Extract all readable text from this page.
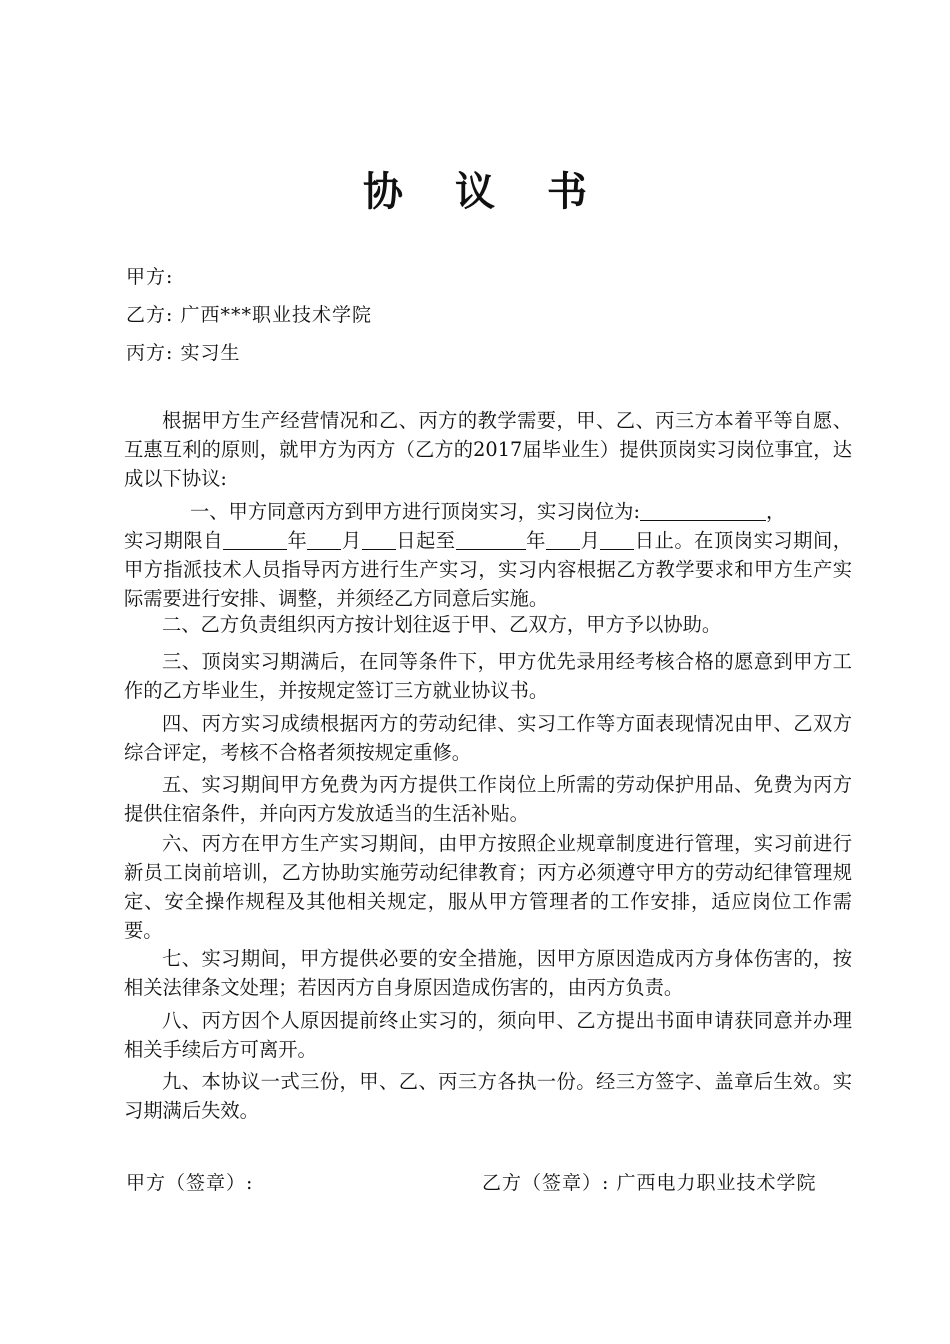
协 议 书
甲方:
乙方: 广西***职业技术学院
丙方: 实习生

根据甲方生产经营情况和乙、丙方的教学需要，甲、乙、丙三方本着平等自愿、互惠互利的原则，就甲方为丙方（乙方的2017届毕业生）提供顶岗实习岗位事宜，达成以下协议:

一、甲方同意丙方到甲方进行顶岗实习，实习岗位为:	，
实习期限自	年 月 日起至	年 月 日止。在顶岗实习期间，甲方指派技术人员指导丙方进行生产实习，实习内容根据乙方教学要求和甲方生产实际需要进行安排、调整，并须经乙方同意后实施。

二、乙方负责组织丙方按计划往返于甲、乙双方，甲方予以协助。

三、顶岗实习期满后，在同等条件下，甲方优先录用经考核合格的愿意到甲方工作的乙方毕业生，并按规定签订三方就业协议书。

四、丙方实习成绩根据丙方的劳动纪律、实习工作等方面表现情况由甲、乙双方综合评定，考核不合格者须按规定重修。

五、实习期间甲方免费为丙方提供工作岗位上所需的劳动保护用品、免费为丙方提供住宿条件，并向丙方发放适当的生活补贴。

六、丙方在甲方生产实习期间，由甲方按照企业规章制度进行管理，实习前进行新员工岗前培训，乙方协助实施劳动纪律教育；丙方必须遵守甲方的劳动纪律管理规定、安全操作规程及其他相关规定，服从甲方管理者的工作安排，适应岗位工作需要。

七、实习期间，甲方提供必要的安全措施，因甲方原因造成丙方身体伤害的，按相关法律条文处理；若因丙方自身原因造成伤害的，由丙方负责。

八、丙方因个人原因提前终止实习的，须向甲、乙方提出书面申请获同意并办理相关手续后方可离开。

九、本协议一式三份，甲、乙、丙三方各执一份。经三方签字、盖章后生效。实习期满后失效。

甲方（签章）:	乙方（签章）: 广西电力职业技术学院
